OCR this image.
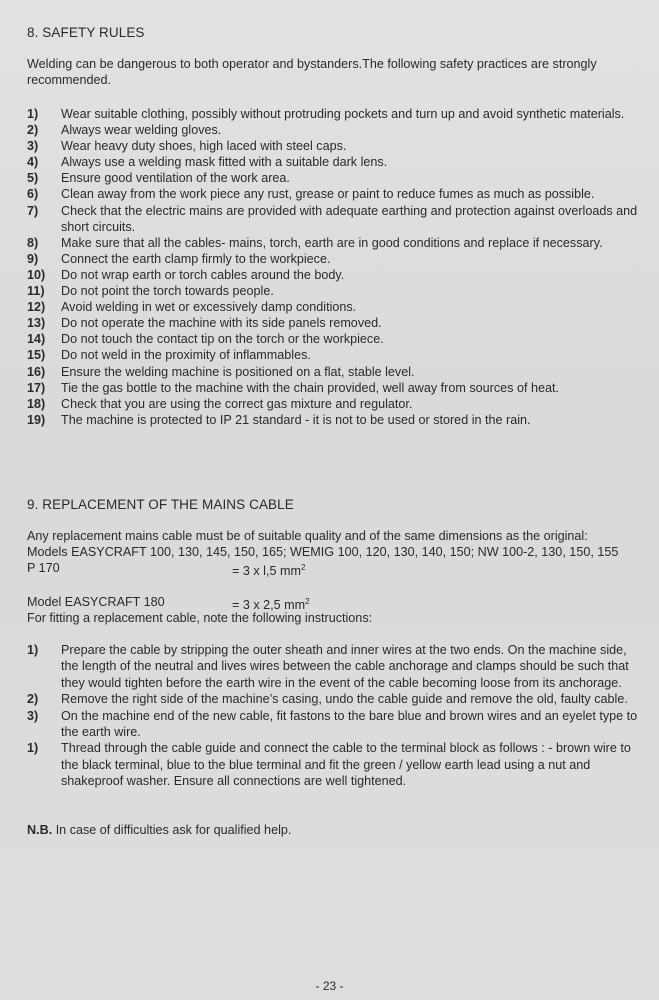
8. SAFETY RULES
Welding can be dangerous to both operator and bystanders.The following safety practices are strongly recommended.
1) Wear suitable clothing, possibly without protruding pockets and turn up and avoid synthetic materials.
2) Always wear welding gloves.
3) Wear heavy duty shoes, high laced with steel caps.
4) Always use a welding mask fitted with a suitable dark lens.
5) Ensure good ventilation of the work area.
6) Clean away from the work piece any rust, grease or paint to reduce fumes as much as possible.
7) Check that the electric mains are provided with adequate earthing and protection against overloads and short circuits.
8) Make sure that all the cables- mains, torch, earth are in good conditions and replace if necessary.
9) Connect the earth clamp firmly to the workpiece.
10) Do not wrap earth or torch cables around the body.
11) Do not point the torch towards people.
12) Avoid welding in wet or excessively damp conditions.
13) Do not operate the machine with its side panels removed.
14) Do not touch the contact tip on the torch or the workpiece.
15) Do not weld in the proximity of inflammables.
16) Ensure the welding machine is positioned on a flat, stable level.
17) Tie the gas bottle to the machine with the chain provided, well away from sources of heat.
18) Check that you are using the correct gas mixture and regulator.
19) The machine is protected to IP 21 standard - it is not to be used or stored in the rain.
9. REPLACEMENT OF THE MAINS CABLE
Any replacement mains cable must be of suitable quality and of the same dimensions as the original:
Models EASYCRAFT 100, 130, 145, 150, 165; WEMIG 100, 120, 130, 140, 150; NW 100-2, 130, 150, 155
P 170	= 3 x l,5 $mm^2$
Model EASYCRAFT 180	= 3 x 2,5 $mm^2$
For fitting a replacement cable, note the following instructions:
1) Prepare the cable by stripping the outer sheath and inner wires at the two ends. On the machine side, the length of the neutral and lives wires between the cable anchorage and clamps should be such that they would tighten before the earth wire in the event of the cable becoming loose from its anchorage.
2) Remove the right side of the machine’s casing, undo the cable guide and remove the old, faulty cable.
3) On the machine end of the new cable, fit fastons to the bare blue and brown wires and an eyelet type to the earth wire.
1) Thread through the cable guide and connect the cable to the terminal block as follows : - brown wire to the black terminal, blue to the blue terminal and fit the green / yellow earth lead using a nut and shakeproof washer. Ensure all connections are well tightened.
N.B. In case of difficulties ask for qualified help.
- 23 -
